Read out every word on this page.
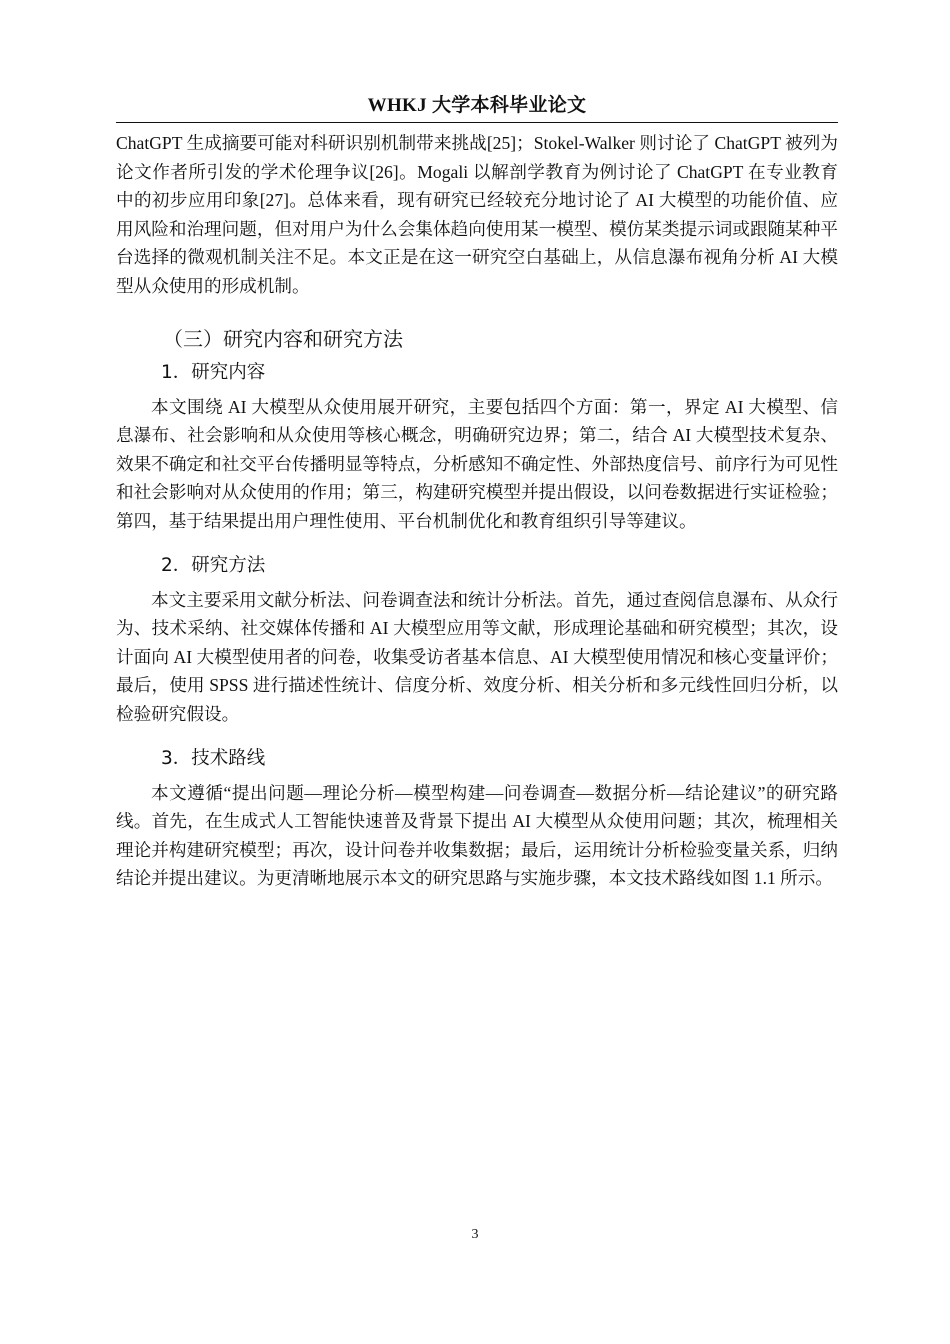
WHKJ 大学本科毕业论文

ChatGPT 生成摘要可能对科研识别机制带来挑战[25]；Stokel-Walker 则讨论了 ChatGPT 被列为论文作者所引发的学术伦理争议[26]。Mogali 以解剖学教育为例讨论了 ChatGPT 在专业教育中的初步应用印象[27]。总体来看，现有研究已经较充分地讨论了 AI 大模型的功能价值、应用风险和治理问题，但对用户为什么会集体趋向使用某一模型、模仿某类提示词或跟随某种平台选择的微观机制关注不足。本文正是在这一研究空白基础上，从信息瀑布视角分析 AI 大模型从众使用的形成机制。

（三）研究内容和研究方法
1．研究内容

本文围绕 AI 大模型从众使用展开研究，主要包括四个方面：第一，界定 AI 大模型、信息瀑布、社会影响和从众使用等核心概念，明确研究边界；第二，结合 AI 大模型技术复杂、效果不确定和社交平台传播明显等特点，分析感知不确定性、外部热度信号、前序行为可见性和社会影响对从众使用的作用；第三，构建研究模型并提出假设，以问卷数据进行实证检验；第四，基于结果提出用户理性使用、平台机制优化和教育组织引导等建议。

2．研究方法

本文主要采用文献分析法、问卷调查法和统计分析法。首先，通过查阅信息瀑布、从众行为、技术采纳、社交媒体传播和 AI 大模型应用等文献，形成理论基础和研究模型；其次，设计面向 AI 大模型使用者的问卷，收集受访者基本信息、AI 大模型使用情况和核心变量评价；最后，使用 SPSS 进行描述性统计、信度分析、效度分析、相关分析和多元线性回归分析，以检验研究假设。

3．技术路线

本文遵循“提出问题—理论分析—模型构建—问卷调查—数据分析—结论建议”的研究路线。首先，在生成式人工智能快速普及背景下提出 AI 大模型从众使用问题；其次，梳理相关理论并构建研究模型；再次，设计问卷并收集数据；最后，运用统计分析检验变量关系，归纳结论并提出建议。为更清晰地展示本文的研究思路与实施步骤，本文技术路线如图 1.1 所示。

3
